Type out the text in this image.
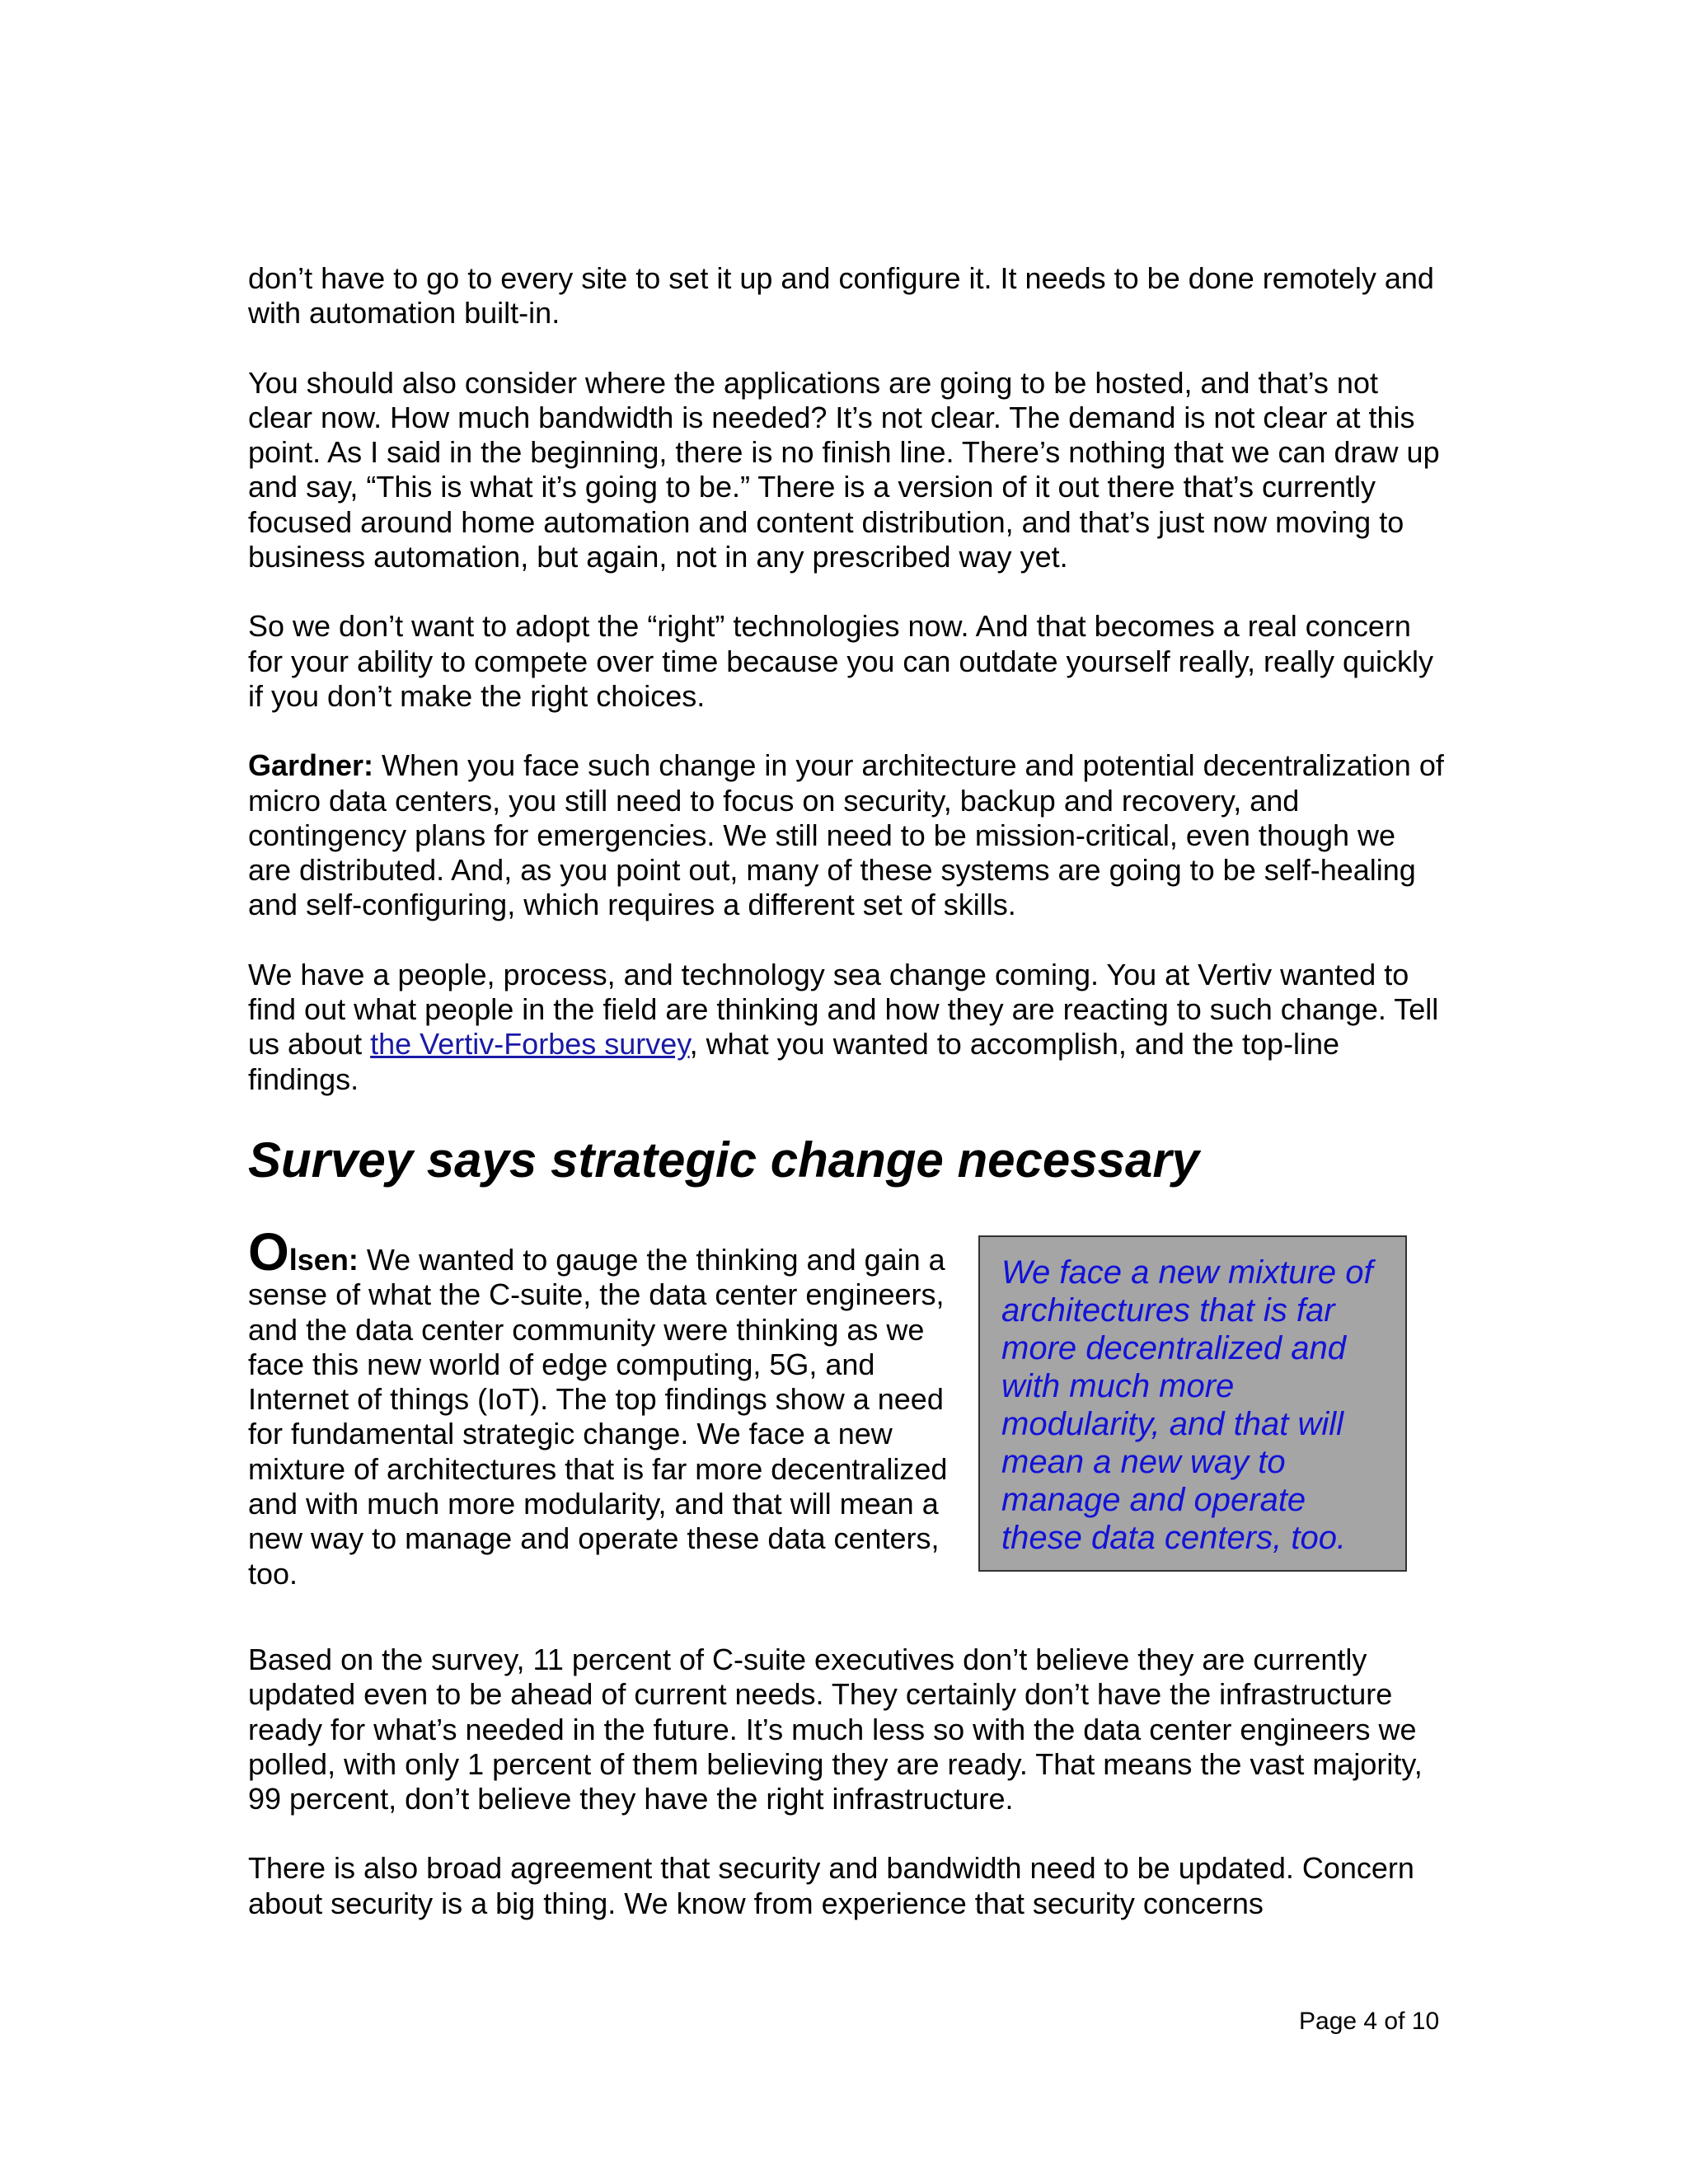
don’t have to go to every site to set it up and configure it. It needs to be done remotely and with automation built-in.

You should also consider where the applications are going to be hosted, and that’s not clear now. How much bandwidth is needed? It’s not clear. The demand is not clear at this point. As I said in the beginning, there is no finish line. There’s nothing that we can draw up and say, “This is what it’s going to be.” There is a version of it out there that’s currently focused around home automation and content distribution, and that’s just now moving to business automation, but again, not in any prescribed way yet.

So we don’t want to adopt the “right” technologies now. And that becomes a real concern for your ability to compete over time because you can outdate yourself really, really quickly if you don’t make the right choices.

Gardner: When you face such change in your architecture and potential decentralization of micro data centers, you still need to focus on security, backup and recovery, and contingency plans for emergencies. We still need to be mission-critical, even though we are distributed. And, as you point out, many of these systems are going to be self-healing and self-configuring, which requires a different set of skills.

We have a people, process, and technology sea change coming. You at Vertiv wanted to find out what people in the field are thinking and how they are reacting to such change. Tell us about the Vertiv-Forbes survey, what you wanted to accomplish, and the top-line findings.

Survey says strategic change necessary

Olsen: We wanted to gauge the thinking and gain a sense of what the C-suite, the data center engineers, and the data center community were thinking as we face this new world of edge computing, 5G, and Internet of things (IoT). The top findings show a need for fundamental strategic change. We face a new mixture of architectures that is far more decentralized and with much more modularity, and that will mean a new way to manage and operate these data centers, too.

We face a new mixture of architectures that is far more decentralized and with much more modularity, and that will mean a new way to manage and operate these data centers, too.

Based on the survey, 11 percent of C-suite executives don’t believe they are currently updated even to be ahead of current needs. They certainly don’t have the infrastructure ready for what’s needed in the future. It’s much less so with the data center engineers we polled, with only 1 percent of them believing they are ready. That means the vast majority, 99 percent, don’t believe they have the right infrastructure.

There is also broad agreement that security and bandwidth need to be updated. Concern about security is a big thing. We know from experience that security concerns

Page 4 of 10
